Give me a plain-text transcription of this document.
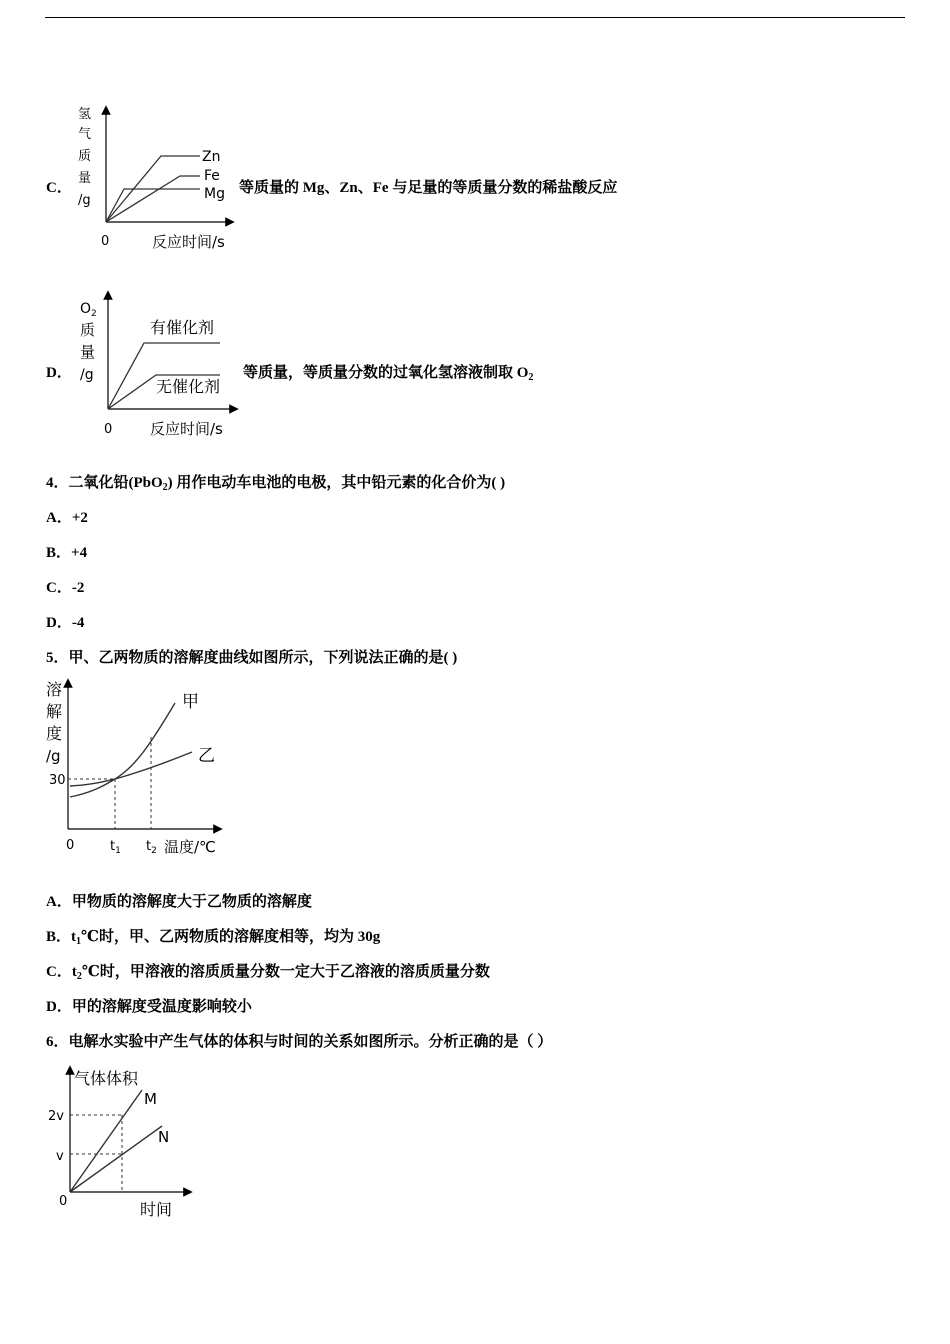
C．
氢
气
质
量
/g
0	反应时间/s
Zn
Fe
Mg 等质量的 Mg、Zn、Fe 与足量的等质量分数的稀盐酸反应
D．
$O_2$
质
量
/g
0	反应时间/s
有催化剂
无催化剂
等质量，等质量分数的过氧化氢溶液制取 $O_2$
4．二氧化铅(PbO$_2$) 用作电动车电池的电极，其中铅元素的化合价为( )
A．+2
B．+4
C．-2
D．-4
5．甲、乙两物质的溶解度曲线如图所示，下列说法正确的是( )
溶
解
度
/g
30
0	$t_1$ $t_2$ 温度/℃
甲
乙
A．甲物质的溶解度大于乙物质的溶解度
B．$t_1℃$时，甲、乙两物质的溶解度相等，均为 30g
C．$t_2℃$时，甲溶液的溶质质量分数一定大于乙溶液的溶质质量分数
D．甲的溶解度受温度影响较小
6．电解水实验中产生气体的体积与时间的关系如图所示。分析正确的是（ ）
气体体积
2v
v
0	时间
M
N
